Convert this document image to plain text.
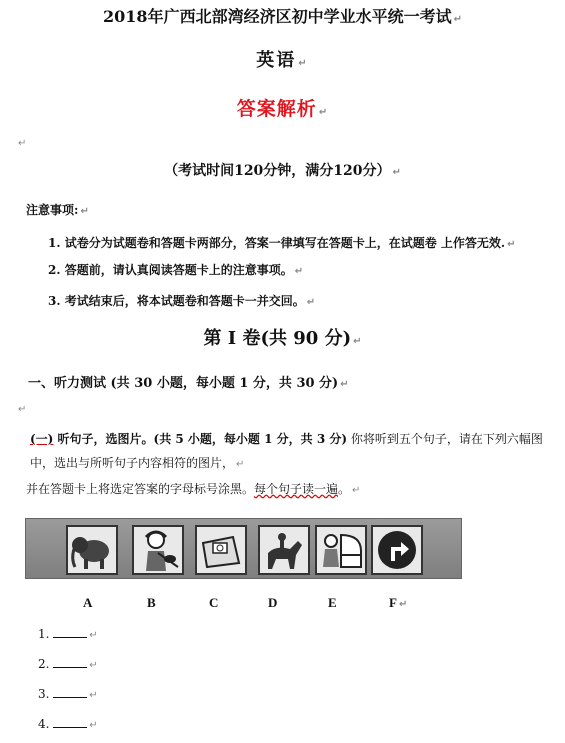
2018年广西北部湾经济区初中学业水平统一考试 ↵
英语 ↵
答案解析 ↵
↵
（考试时间120分钟，满分120分） ↵
注意事项: ↵
1. 试卷分为试题卷和答题卡两部分，答案一律填写在答题卡上，在试题卷 上作答无效. ↵
2. 答题前，请认真阅读答题卡上的注意事项。 ↵
3. 考试结束后，将本试题卷和答题卡一并交回。 ↵
第 I 卷(共 90 分) ↵
一、听力测试 (共 30 小题，每小题 1 分，共 30 分) ↵
↵
(一) 听句子，选图片。(共 5 小题，每小题 1 分，共 3 分) 你将听到五个句子，请在下列六幅图中，选出与所听句子内容相符的图片， ↵
并在答题卡上将选定答案的字母标号涂黑。每个句子读一遍。 ↵
A	B	C	D	E	F ↵
1.	↵
2.	↵
3.	↵
4.	↵
